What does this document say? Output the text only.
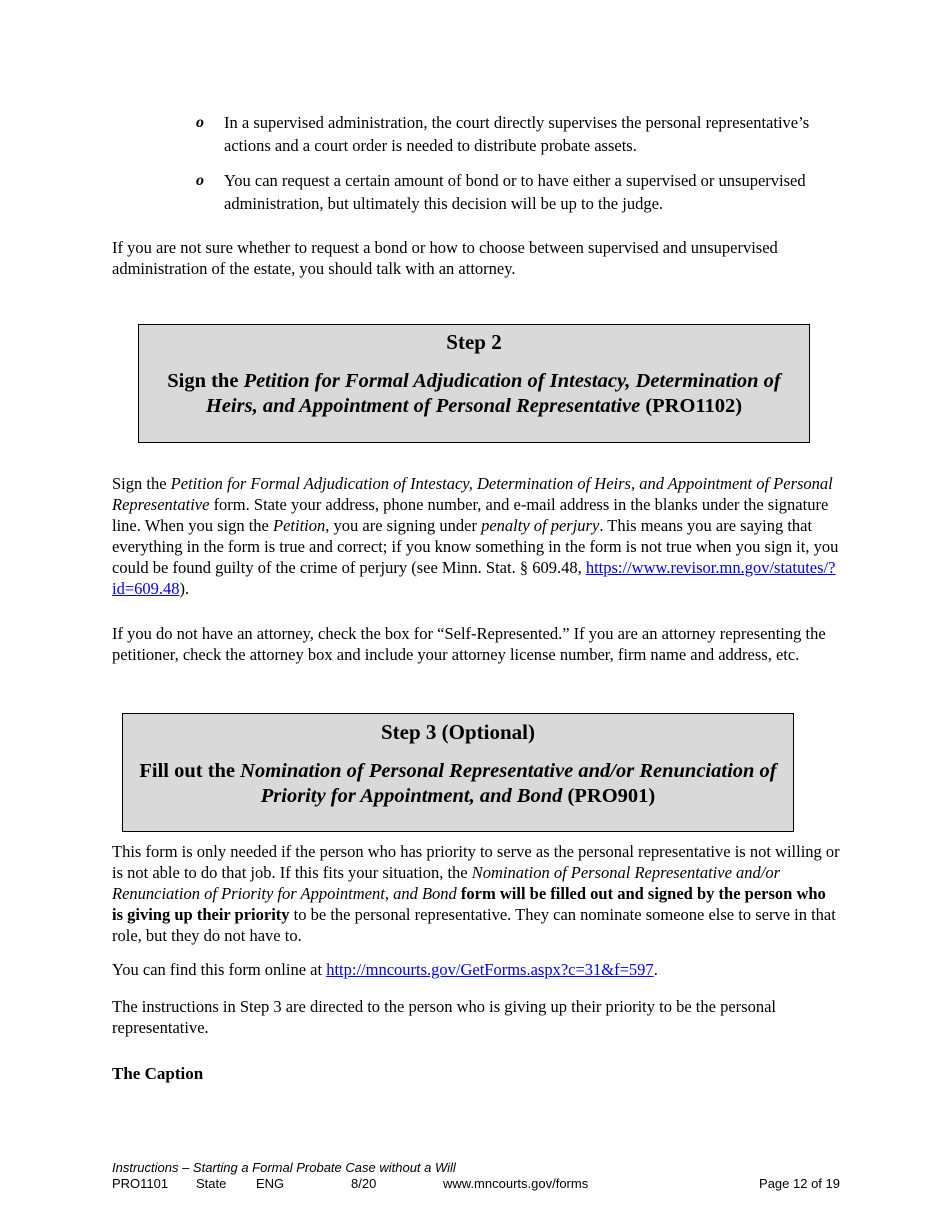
o In a supervised administration, the court directly supervises the personal representative’s actions and a court order is needed to distribute probate assets.
o You can request a certain amount of bond or to have either a supervised or unsupervised administration, but ultimately this decision will be up to the judge.

If you are not sure whether to request a bond or how to choose between supervised and unsupervised administration of the estate, you should talk with an attorney.

Step 2
Sign the Petition for Formal Adjudication of Intestacy, Determination of Heirs, and Appointment of Personal Representative (PRO1102)

Sign the Petition for Formal Adjudication of Intestacy, Determination of Heirs, and Appointment of Personal Representative form. State your address, phone number, and e-mail address in the blanks under the signature line. When you sign the Petition, you are signing under penalty of perjury. This means you are saying that everything in the form is true and correct; if you know something in the form is not true when you sign it, you could be found guilty of the crime of perjury (see Minn. Stat. § 609.48, https://www.revisor.mn.gov/statutes/?id=609.48).

If you do not have an attorney, check the box for “Self-Represented.” If you are an attorney representing the petitioner, check the attorney box and include your attorney license number, firm name and address, etc.

Step 3 (Optional)
Fill out the Nomination of Personal Representative and/or Renunciation of Priority for Appointment, and Bond (PRO901)

This form is only needed if the person who has priority to serve as the personal representative is not willing or is not able to do that job. If this fits your situation, the Nomination of Personal Representative and/or Renunciation of Priority for Appointment, and Bond form will be filled out and signed by the person who is giving up their priority to be the personal representative. They can nominate someone else to serve in that role, but they do not have to.

You can find this form online at http://mncourts.gov/GetForms.aspx?c=31&f=597.

The instructions in Step 3 are directed to the person who is giving up their priority to be the personal representative.

The Caption
Instructions – Starting a Formal Probate Case without a Will
PRO1101 State ENG	8/20	www.mncourts.gov/forms	Page 12 of 19
